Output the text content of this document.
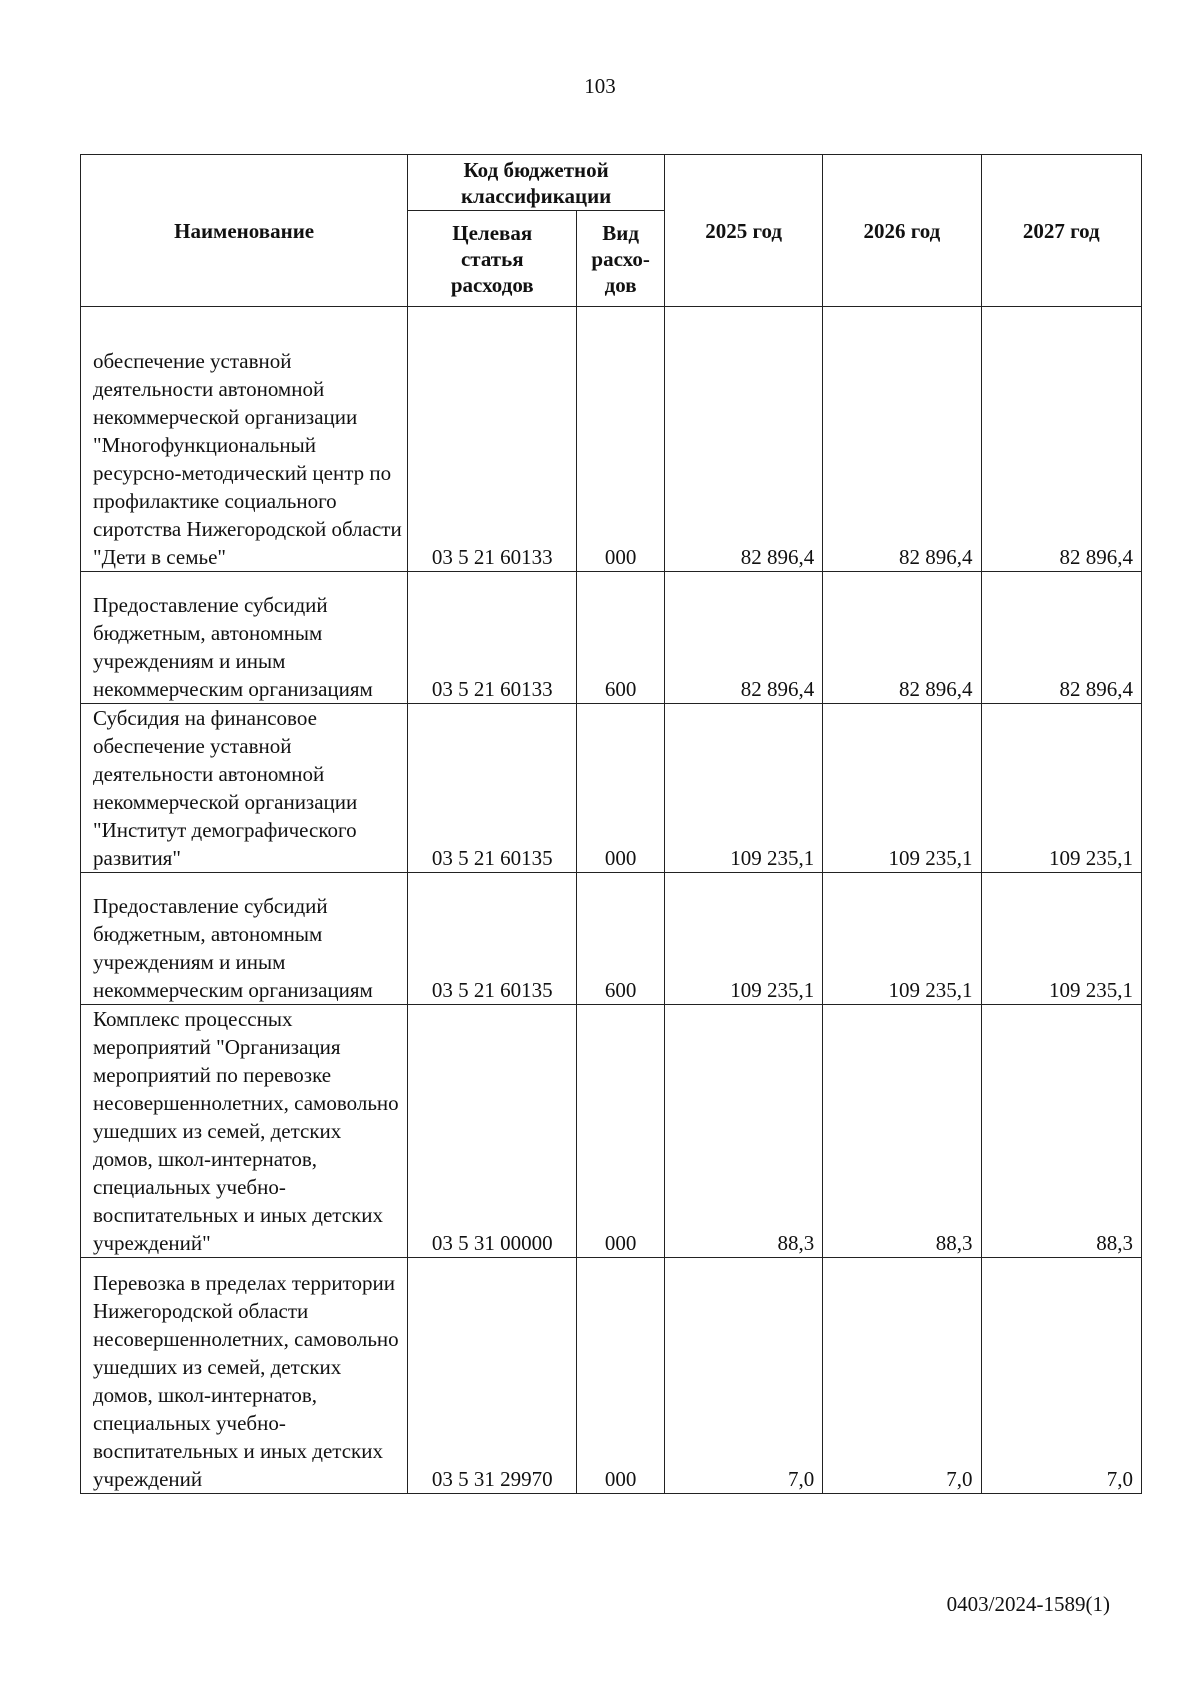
103
Наименование	Код бюджетной классификации		2025 год	2026 год	2027 год
	Целевая статья расходов	Вид расхо-дов			
обеспечение уставной деятельности автономной некоммерческой организации "Многофункциональный ресурсно-методический центр по профилактике социального сиротства Нижегородской области "Дети в семье"	03 5 21 60133	000	82 896,4	82 896,4	82 896,4
Предоставление субсидий бюджетным, автономным учреждениям и иным некоммерческим организациям	03 5 21 60133	600	82 896,4	82 896,4	82 896,4
Субсидия на финансовое обеспечение уставной деятельности автономной некоммерческой организации "Институт демографического развития"	03 5 21 60135	000	109 235,1	109 235,1	109 235,1
Предоставление субсидий бюджетным, автономным учреждениям и иным некоммерческим организациям	03 5 21 60135	600	109 235,1	109 235,1	109 235,1
Комплекс процессных мероприятий "Организация мероприятий по перевозке несовершеннолетних, самовольно ушедших из семей, детских домов, школ-интернатов, специальных учебно-воспитательных и иных детских учреждений"	03 5 31 00000	000	88,3	88,3	88,3
Перевозка в пределах территории Нижегородской области несовершеннолетних, самовольно ушедших из семей, детских домов, школ-интернатов, специальных учебно-воспитательных и иных детских учреждений	03 5 31 29970	000	7,0	7,0	7,0
0403/2024-1589(1)
